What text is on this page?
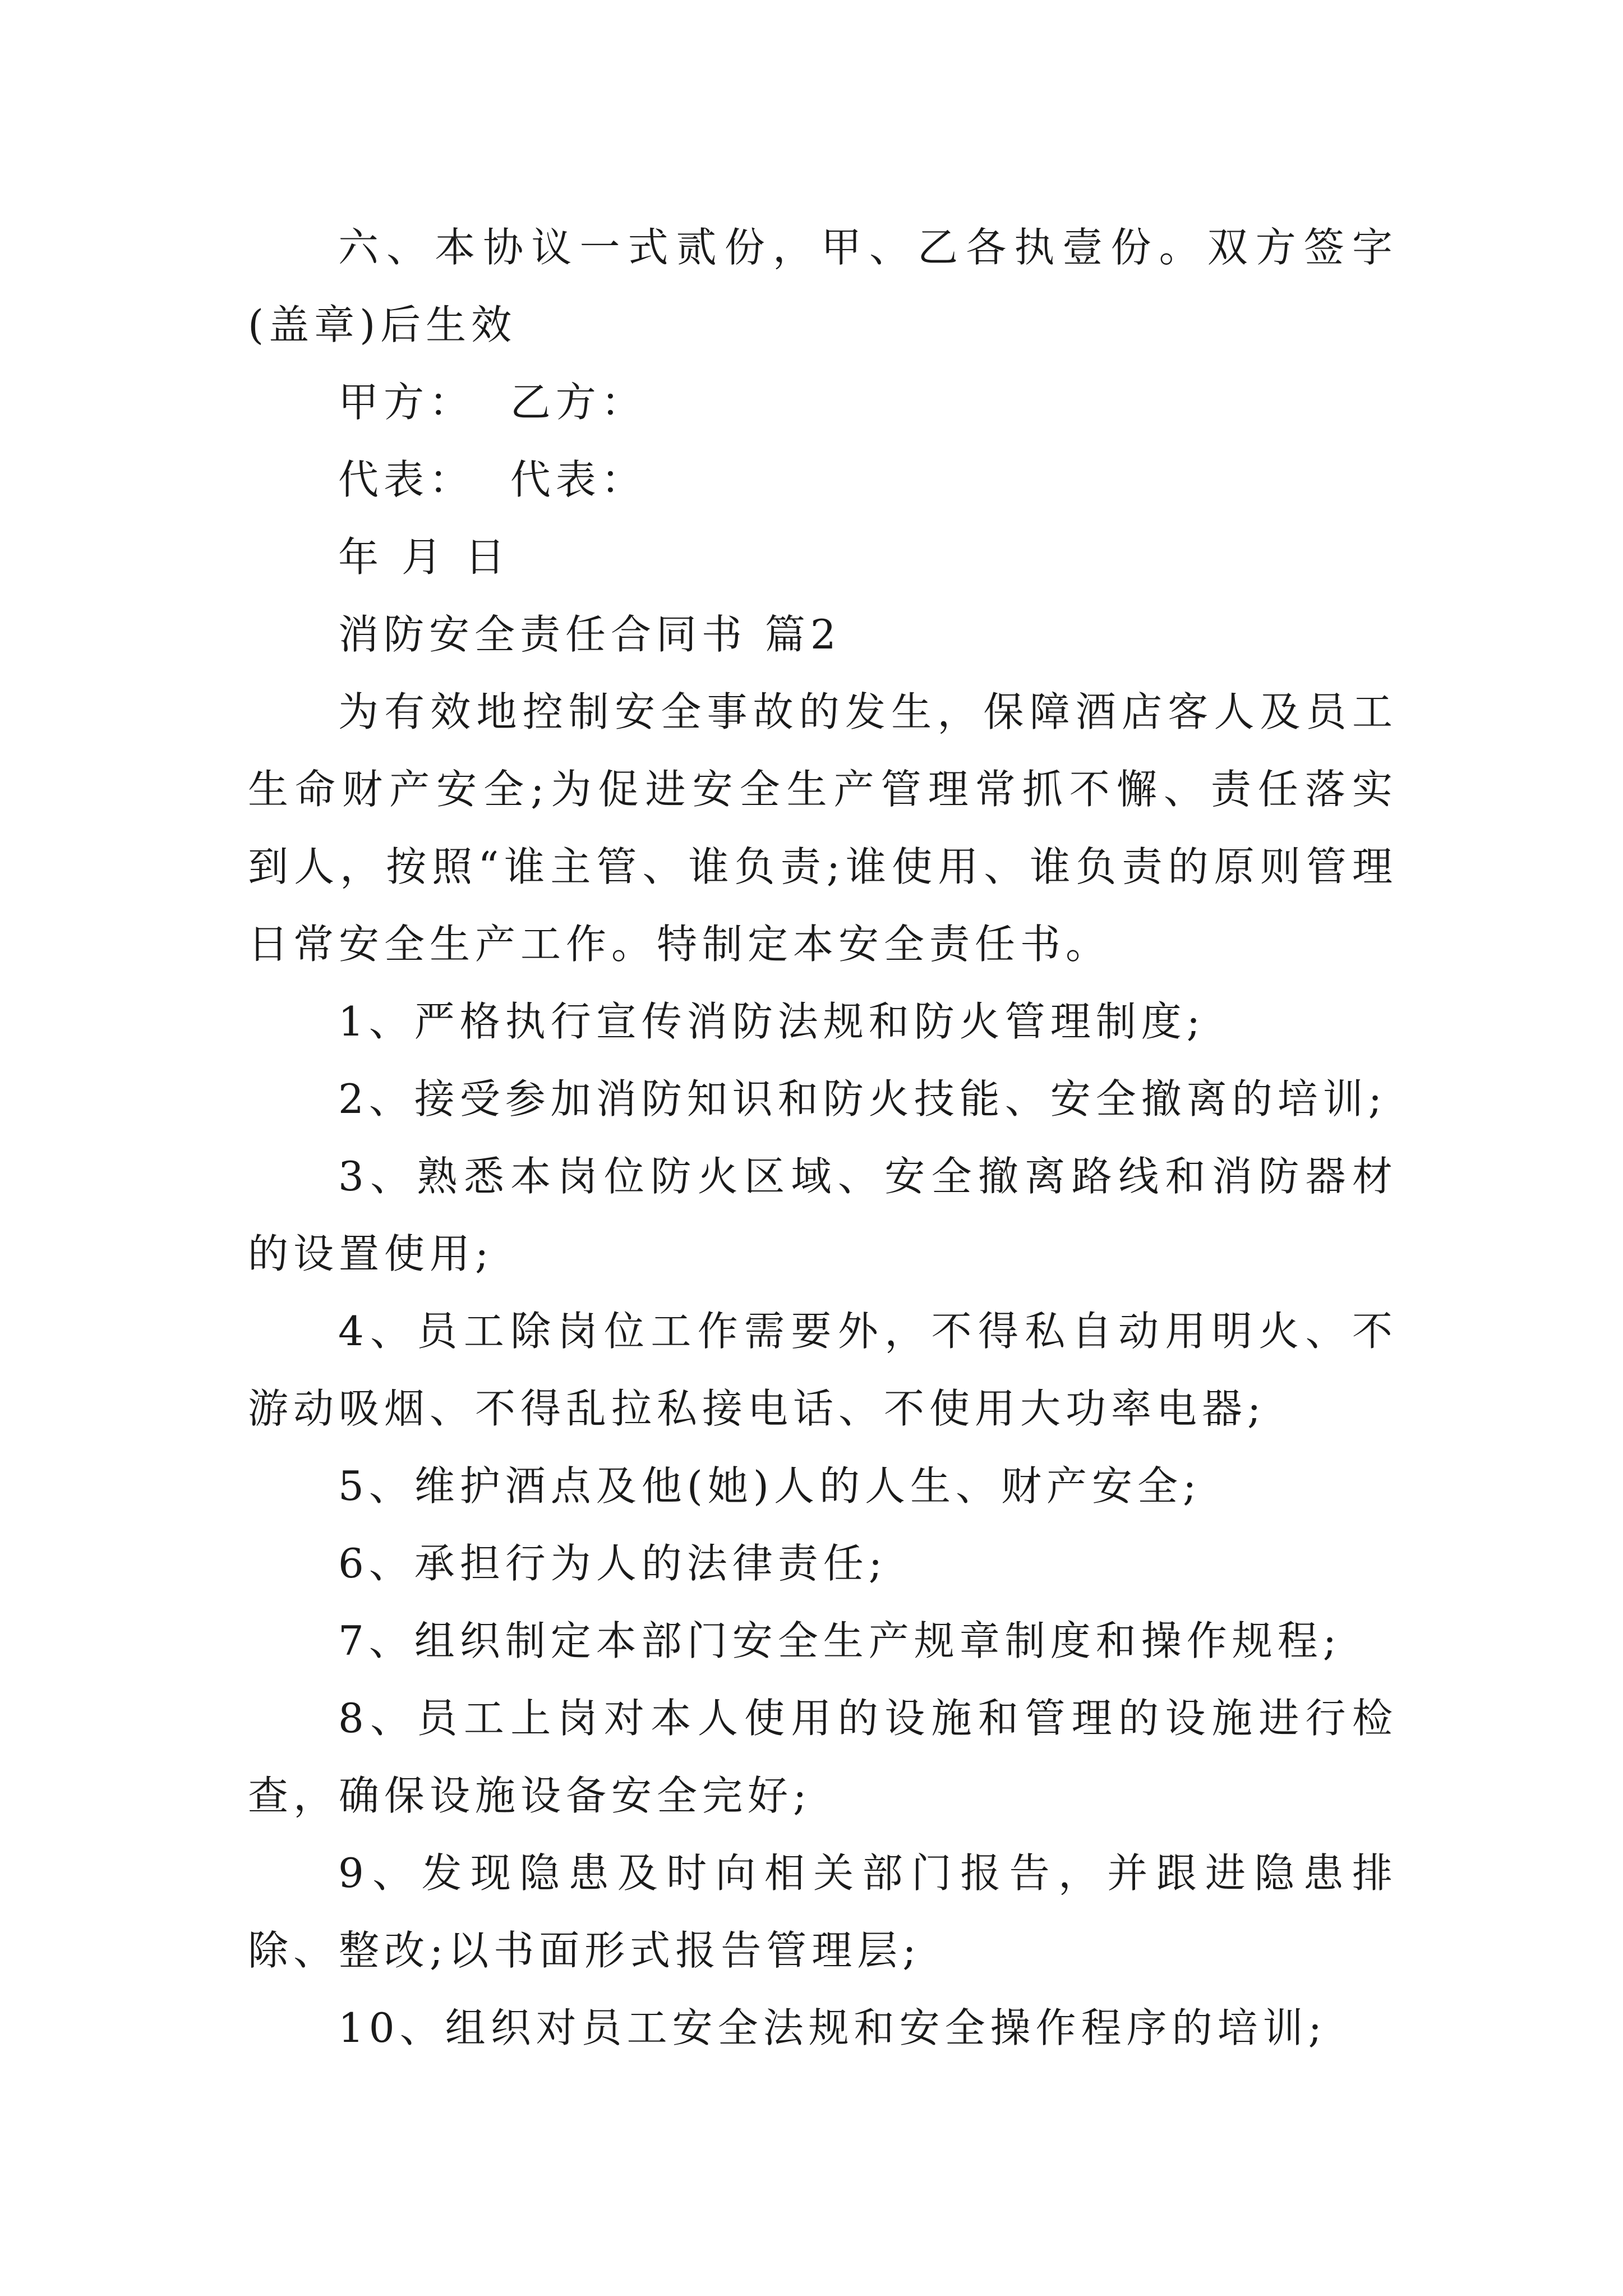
六、本协议一式贰份，甲、乙各执壹份。双方签字(盖章)后生效

甲方：  乙方：

代表：  代表：

年 月 日

消防安全责任合同书 篇2

为有效地控制安全事故的发生，保障酒店客人及员工生命财产安全;为促进安全生产管理常抓不懈、责任落实到人，按照“谁主管、谁负责;谁使用、谁负责的原则管理日常安全生产工作。特制定本安全责任书。

1、严格执行宣传消防法规和防火管理制度;

2、接受参加消防知识和防火技能、安全撤离的培训;

3、熟悉本岗位防火区域、安全撤离路线和消防器材的设置使用;

4、员工除岗位工作需要外，不得私自动用明火、不游动吸烟、不得乱拉私接电话、不使用大功率电器;

5、维护酒点及他(她)人的人生、财产安全;

6、承担行为人的法律责任;

7、组织制定本部门安全生产规章制度和操作规程;

8、员工上岗对本人使用的设施和管理的设施进行检查，确保设施设备安全完好;

9、发现隐患及时向相关部门报告，并跟进隐患排除、整改;以书面形式报告管理层;

10、组织对员工安全法规和安全操作程序的培训;
